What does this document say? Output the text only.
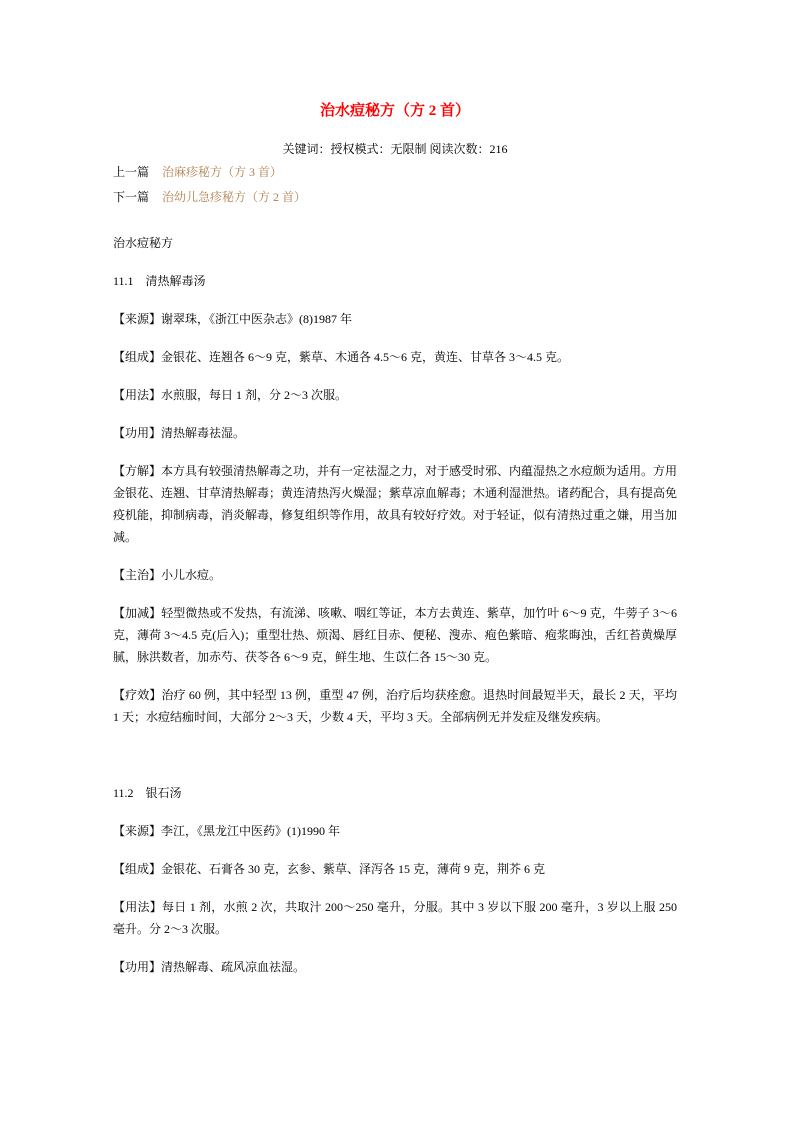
治水痘秘方（方 2 首）

关键词：授权模式：无限制 阅读次数：216

上一篇 治麻疹秘方（方 3 首）

下一篇 治幼儿急疹秘方（方 2 首）

治水痘秘方

11.1　清热解毒汤

【来源】谢翠珠，《浙江中医杂志》(8)1987 年

【组成】金银花、连翘各 6～9 克，紫草、木通各 4.5～6 克，黄连、甘草各 3～4.5 克。

【用法】水煎服，每日 1 剂，分 2～3 次服。

【功用】清热解毒祛湿。

【方解】本方具有较强清热解毒之功，并有一定祛湿之力，对于感受时邪、内蕴湿热之水痘颇为适用。方用金银花、连翘、甘草清热解毒；黄连清热泻火燥湿；紫草凉血解毒；木通利湿泄热。诸药配合，具有提高免疫机能，抑制病毒，消炎解毒，修复组织等作用，故具有较好疗效。对于轻证，似有清热过重之嫌，用当加减。

【主治】小儿水痘。

【加减】轻型微热或不发热，有流涕、咳嗽、咽红等证，本方去黄连、紫草，加竹叶 6～9 克，牛蒡子 3～6 克，薄荷 3～4.5 克(后入)；重型壮热、烦渴、唇红目赤、便秘、溲赤、疱色紫暗、疱浆晦浊，舌红苔黄燥厚腻，脉洪数者，加赤芍、茯苓各 6～9 克，鲜生地、生苡仁各 15～30 克。

【疗效】治疗 60 例，其中轻型 13 例，重型 47 例，治疗后均获痊愈。退热时间最短半天，最长 2 天，平均 1 天；水痘结痂时间，大部分 2～3 天，少数 4 天，平均 3 天。全部病例无并发症及继发疾病。

11.2　银石汤

【来源】李江，《黑龙江中医药》(1)1990 年

【组成】金银花、石膏各 30 克，玄参、紫草、泽泻各 15 克，薄荷 9 克，荆芥 6 克

【用法】每日 1 剂，水煎 2 次，共取汁 200～250 毫升，分服。其中 3 岁以下服 200 毫升，3 岁以上服 250 毫升。分 2～3 次服。

【功用】清热解毒、疏风凉血祛湿。
